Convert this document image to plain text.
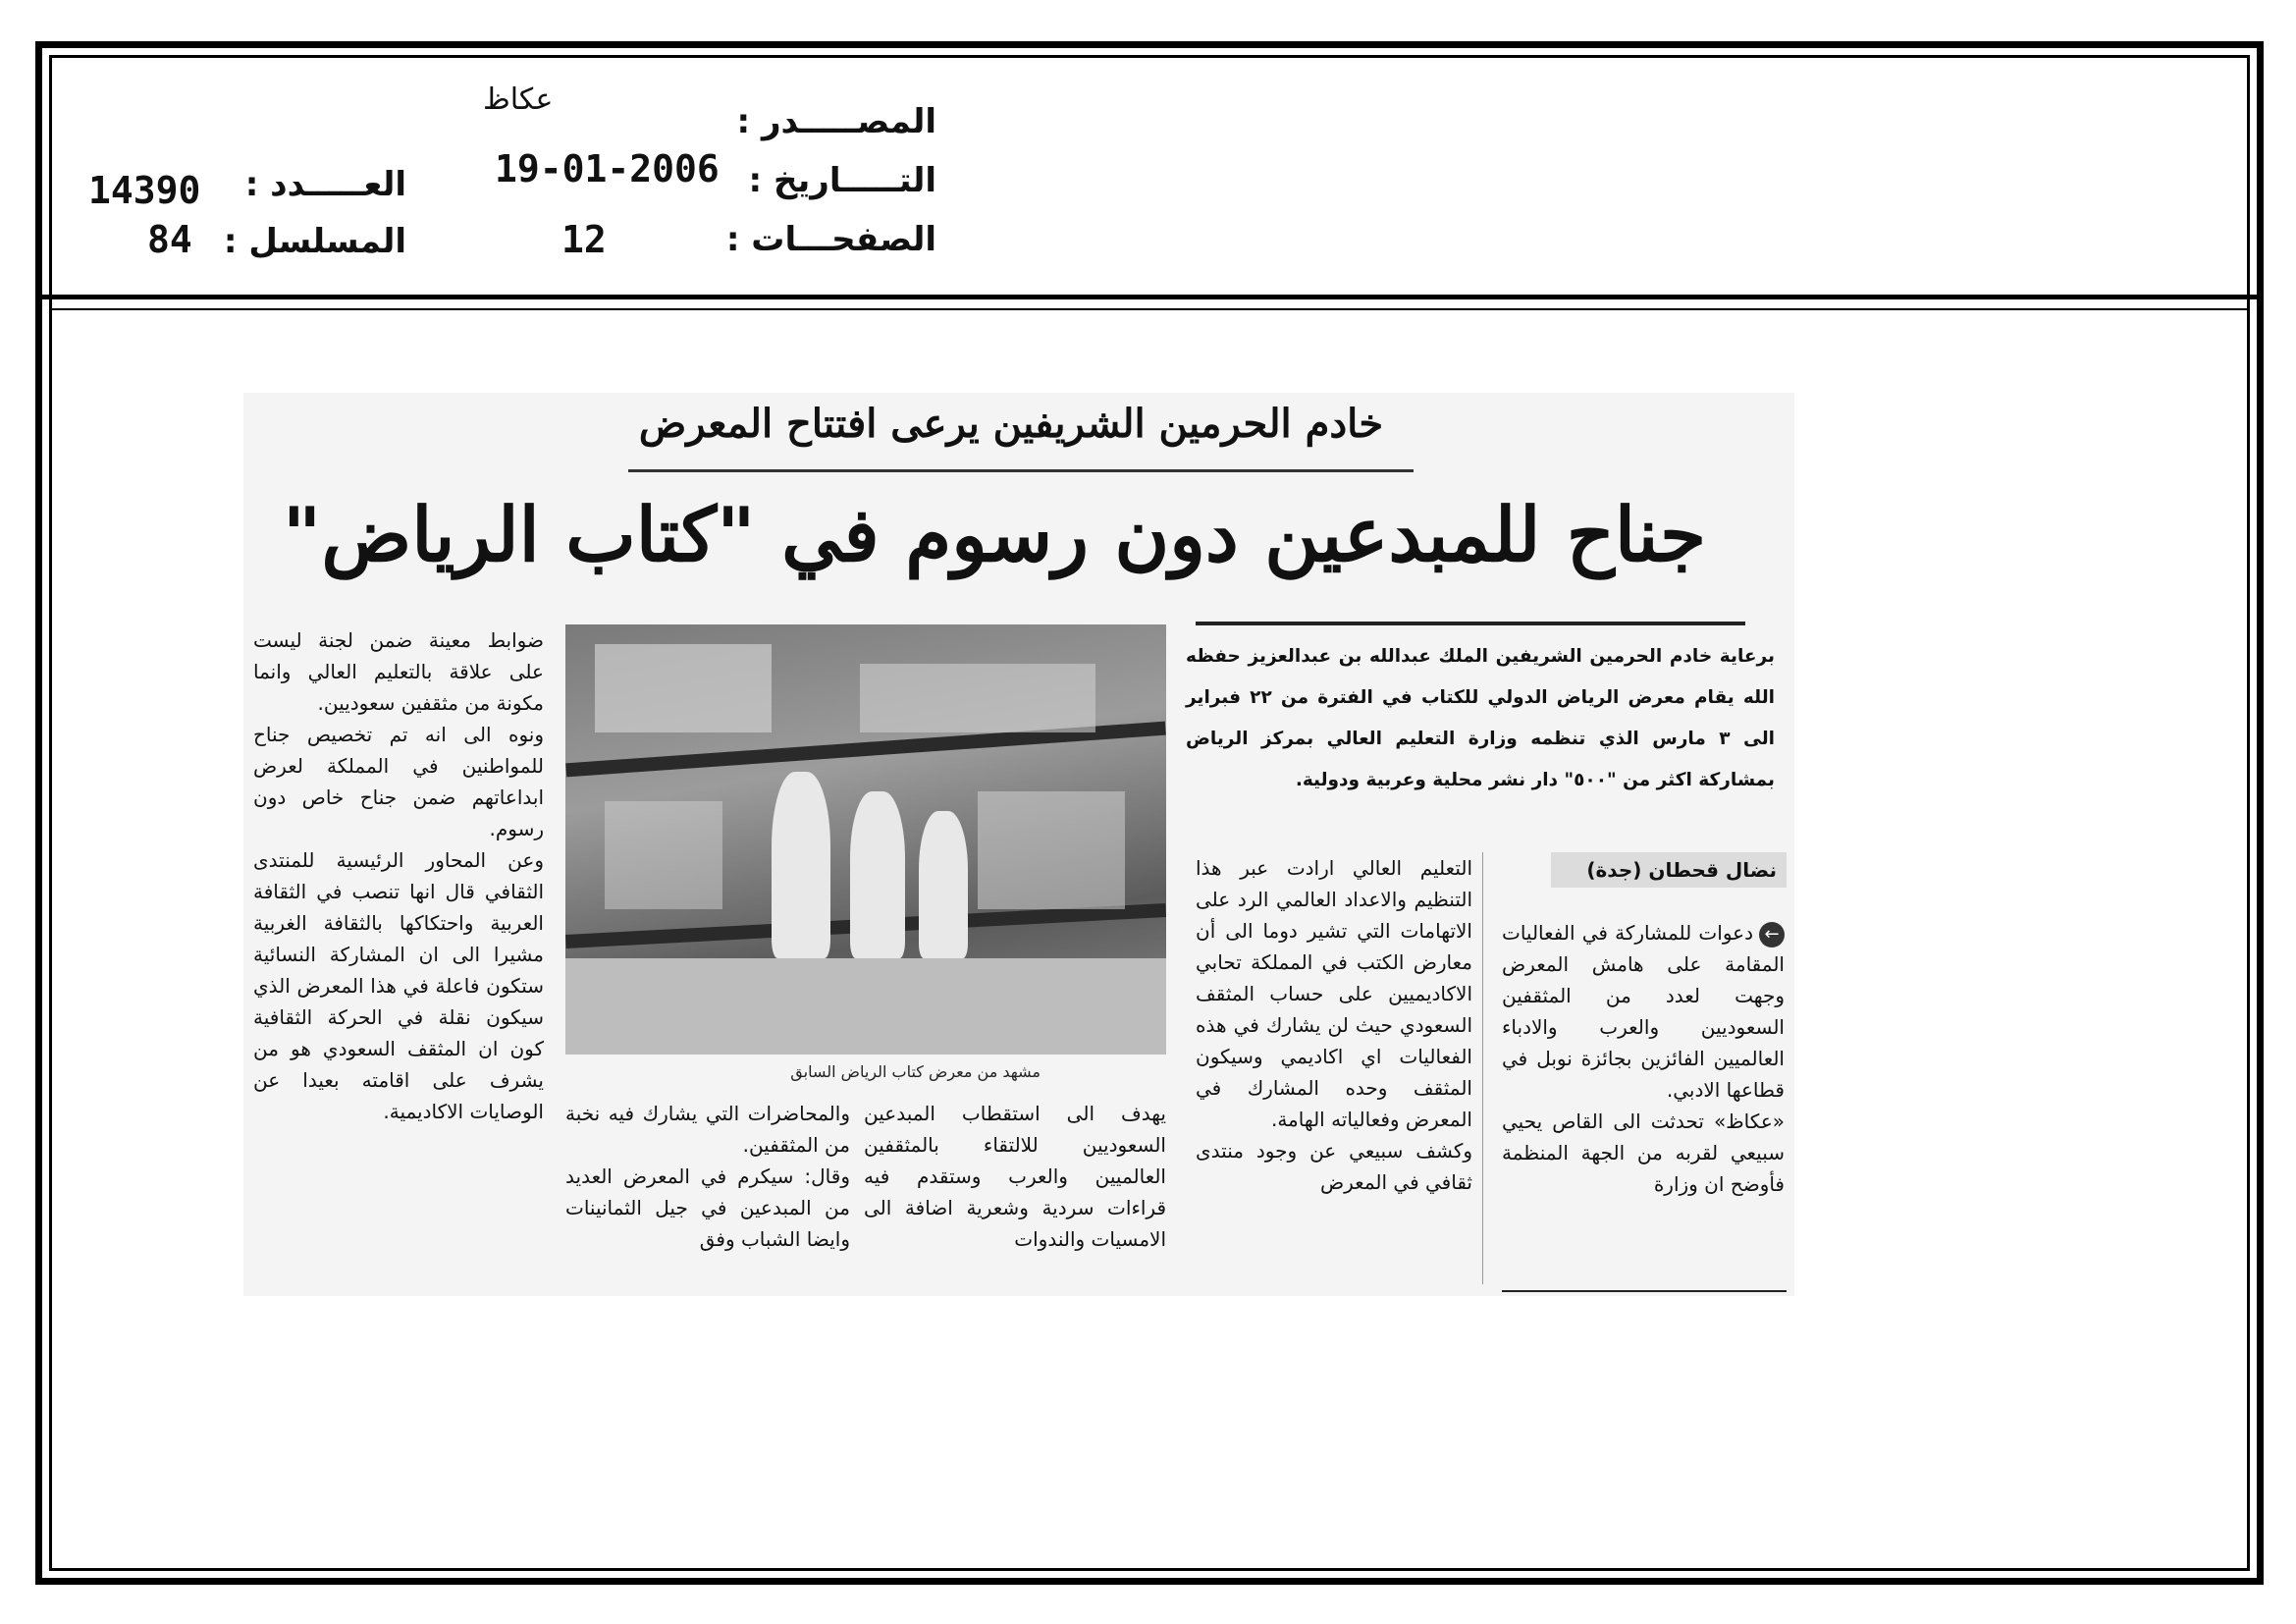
المصـــــدر :
عكاظ
التـــــاريخ :
19-01-2006
الصفحـــات :
12
العـــــدد :
14390
المسلسل :
84
خادم الحرمين الشريفين يرعى افتتاح المعرض
جناح للمبدعين دون رسوم في "كتاب الرياض"
برعاية خادم الحرمين الشريفين الملك عبدالله بن عبدالعزيز حفظه الله يقام معرض الرياض الدولي للكتاب في الفترة من ٢٢ فبراير الى ٣ مارس الذي تنظمه وزارة التعليم العالي بمركز الرياض بمشاركة اكثر من "٥٠٠" دار نشر محلية وعربية ودولية.
نضال قحطان (جدة)

←دعوات للمشاركة في الفعاليات المقامة على هامش المعرض وجهت لعدد من المثقفين السعوديين والعرب والادباء العالميين الفائزين بجائزة نوبل في قطاعها الادبي.

«عكاظ» تحدثت الى القاص يحيي سبيعي لقربه من الجهة المنظمة فأوضح ان وزارة

التعليم العالي ارادت عبر هذا التنظيم والاعداد العالمي الرد على الاتهامات التي تشير دوما الى أن معارض الكتب في المملكة تحابي الاكاديميين على حساب المثقف السعودي حيث لن يشارك في هذه الفعاليات اي اكاديمي وسيكون المثقف وحده المشارك في المعرض وفعالياته الهامة.

وكشف سبيعي عن وجود منتدى ثقافي في المعرض

يهدف الى استقطاب المبدعين السعوديين للالتقاء بالمثقفين العالميين والعرب وستقدم فيه قراءات سردية وشعرية اضافة الى الامسيات والندوات

والمحاضرات التي يشارك فيه نخبة من المثقفين.

وقال: سيكرم في المعرض العديد من المبدعين في جيل الثمانينات وايضا الشباب وفق

ضوابط معينة ضمن لجنة ليست على علاقة بالتعليم العالي وانما مكونة من مثقفين سعوديين.

ونوه الى انه تم تخصيص جناح للمواطنين في المملكة لعرض ابداعاتهم ضمن جناح خاص دون رسوم.

وعن المحاور الرئيسية للمنتدى الثقافي قال انها تنصب في الثقافة العربية واحتكاكها بالثقافة الغربية مشيرا الى ان المشاركة النسائية ستكون فاعلة في هذا المعرض الذي سيكون نقلة في الحركة الثقافية كون ان المثقف السعودي هو من يشرف على اقامته بعيدا عن الوصايات الاكاديمية.

مشهد من معرض كتاب الرياض السابق
